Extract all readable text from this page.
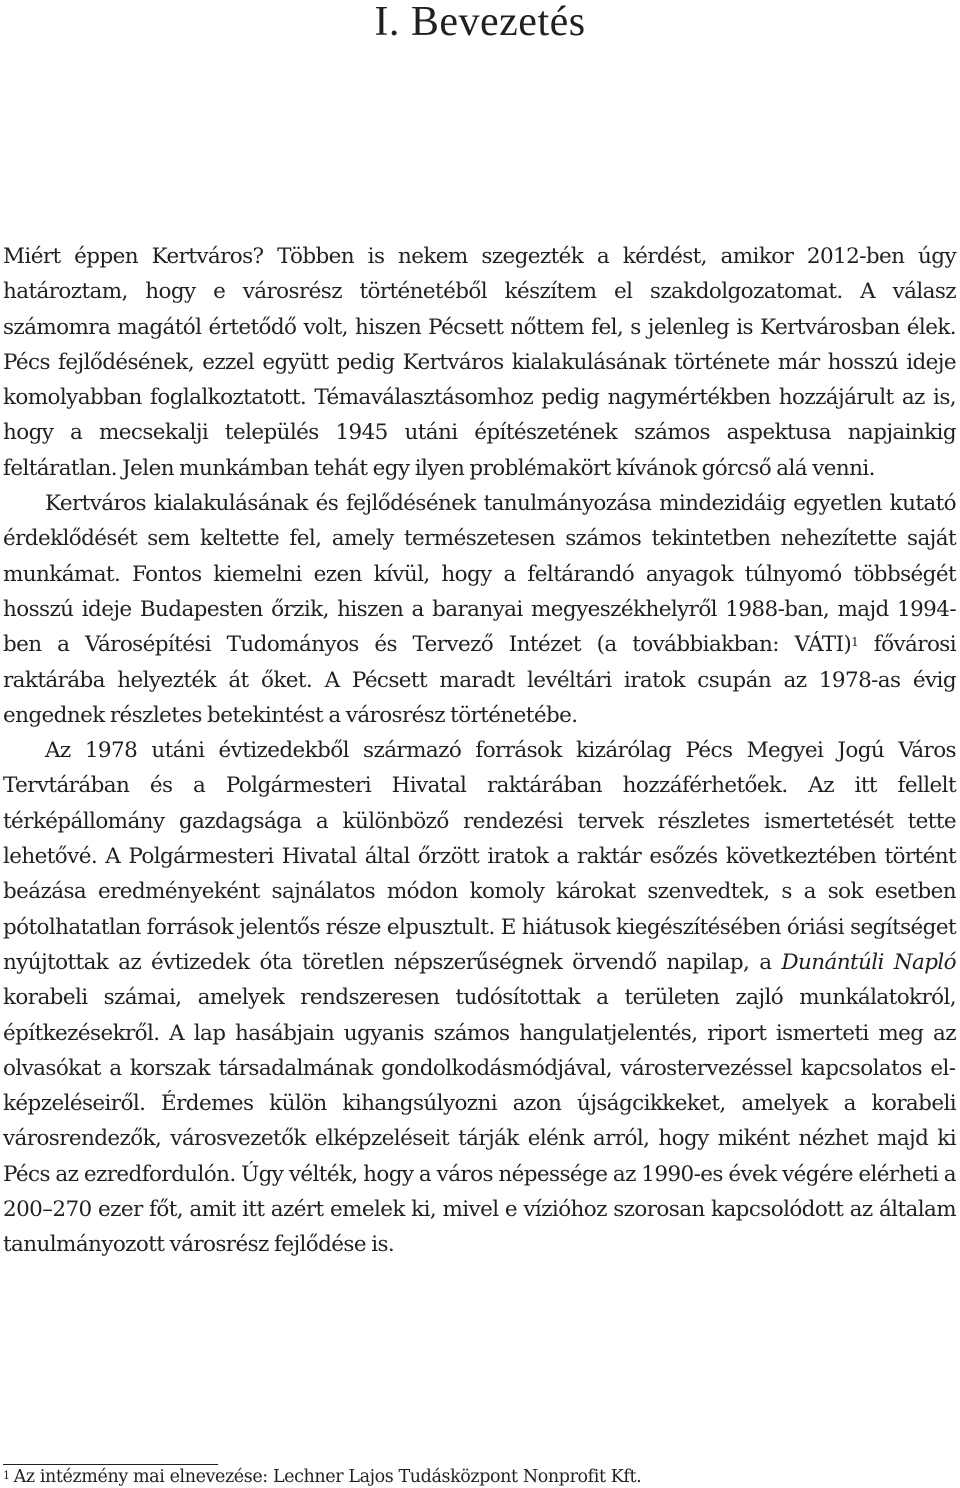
I. Bevezetés

Miért éppen Kertváros? Többen is nekem szegezték a kérdést, amikor 2012-ben úgy határoztam, hogy e városrész történetéből készítem el szakdolgozatomat. A válasz számomra magától értetődő volt, hiszen Pécsett nőttem fel, s jelenleg is Kertvárosban élek. Pécs fejlődésének, ezzel együtt pedig Kertváros kialakulásának története már hosszú ideje komolyabban foglalkoztatott. Témaválasztásomhoz pedig nagymértékben hozzájárult az is, hogy a mecsekalji település 1945 utáni építészetének számos aspektusa napjainkig feltáratlan. Jelen munkámban tehát egy ilyen problémakört kívánok górcső alá venni.

Kertváros kialakulásának és fejlődésének tanulmányozása mindezidáig egyetlen kutató érdeklődését sem keltette fel, amely természetesen számos tekintetben nehezítette saját munkámat. Fontos kiemelni ezen kívül, hogy a feltárandó anyagok túlnyomó többségét hosszú ideje Budapesten őrzik, hiszen a baranyai megyeszékhelyről 1988-ban, majd 1994-ben a Városépítési Tudományos és Tervező Intézet (a továbbiakban: VÁTI)$^1$ fővárosi raktárába helyezték át őket. A Pécsett maradt levéltári iratok csupán az 1978-as évig engednek részletes betekintést a városrész történetébe.

Az 1978 utáni évtizedekből származó források kizárólag Pécs Megyei Jogú Város Tervtárában és a Polgármesteri Hivatal raktárában hozzáférhetőek. Az itt fellelt térképállomány gazdagsága a különböző rendezési tervek részletes ismertetését tette lehetővé. A Polgármesteri Hivatal által őrzött iratok a raktár esőzés következtében történt beázása eredményeként sajnálatos módon komoly károkat szenvedtek, s a sok esetben pótolhatatlan források jelentős része elpusztult. E hiátusok kiegészítésében óriási segítséget nyújtottak az évtizedek óta töretlen népszerűségnek örvendő napilap, a Dunántúli Napló korabeli számai, amelyek rendszeresen tudósítottak a területen zajló munkálatokról, építkezésekről. A lap hasábjain ugyanis számos hangulatjelentés, riport ismerteti meg az olvasókat a korszak társadalmának gondolkodásmódjával, várostervezéssel kapcsolatos elképzeléseiről. Érdemes külön kihangsúlyozni azon újságcikkeket, amelyek a korabeli városrendezők, városvezetők elképzeléseit tárják elénk arról, hogy miként nézhet majd ki Pécs az ezredfordulón. Úgy vélték, hogy a város népessége az 1990-es évek végére elérheti a 200–270 ezer főt, amit itt azért emelek ki, mivel e vízióhoz szorosan kapcsolódott az általam tanulmányozott városrész fejlődése is.

$^1$ Az intézmény mai elnevezése: Lechner Lajos Tudásközpont Nonprofit Kft.
